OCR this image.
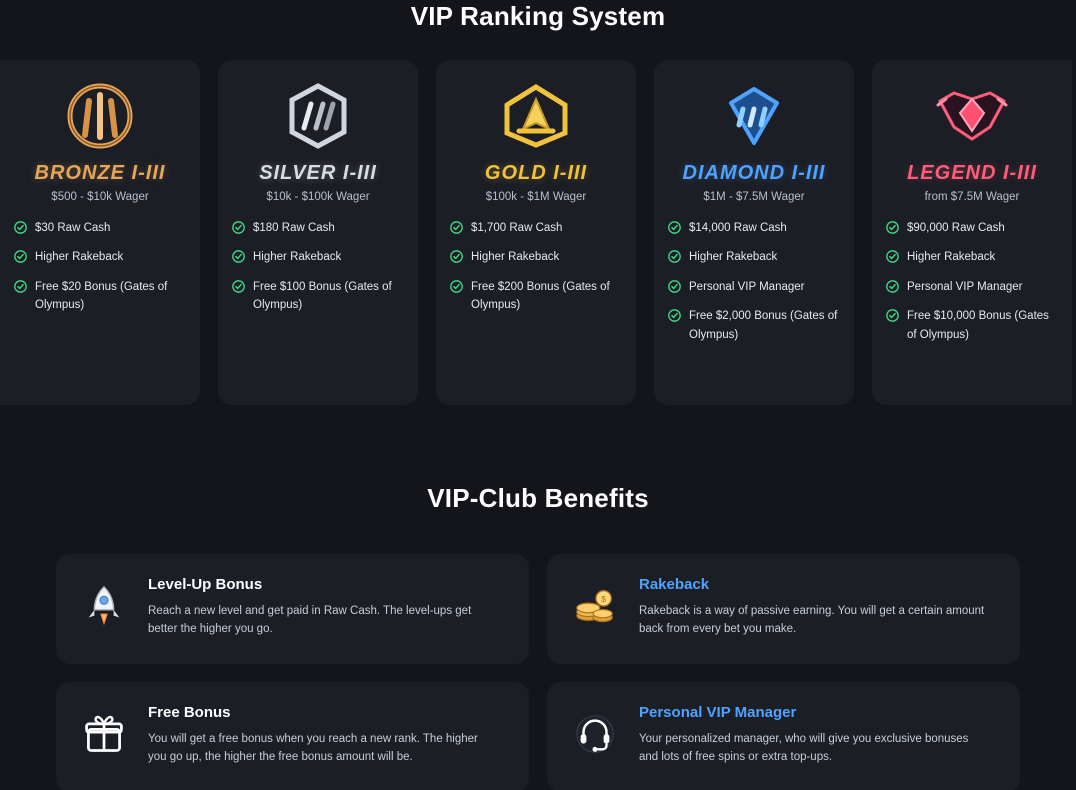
VIP Ranking System
BRONZE I-III
$500 - $10k Wager
$30 Raw Cash
Higher Rakeback
Free $20 Bonus (Gates of Olympus)
SILVER I-III
$10k - $100k Wager
$180 Raw Cash
Higher Rakeback
Free $100 Bonus (Gates of Olympus)
GOLD I-III
$100k - $1M Wager
$1,700 Raw Cash
Higher Rakeback
Free $200 Bonus (Gates of Olympus)
DIAMOND I-III
$1M - $7.5M Wager
$14,000 Raw Cash
Higher Rakeback
Personal VIP Manager
Free $2,000 Bonus (Gates of Olympus)
LEGEND I-III
from $7.5M Wager
$90,000 Raw Cash
Higher Rakeback
Personal VIP Manager
Free $10,000 Bonus (Gates of Olympus)
VIP-Club Benefits
Level-Up Bonus
Reach a new level and get paid in Raw Cash. The level-ups get better the higher you go.
$
Rakeback
Rakeback is a way of passive earning. You will get a certain amount back from every bet you make.
Free Bonus
You will get a free bonus when you reach a new rank. The higher you go up, the higher the free bonus amount will be.
Personal VIP Manager
Your personalized manager, who will give you exclusive bonuses and lots of free spins or extra top-ups.
